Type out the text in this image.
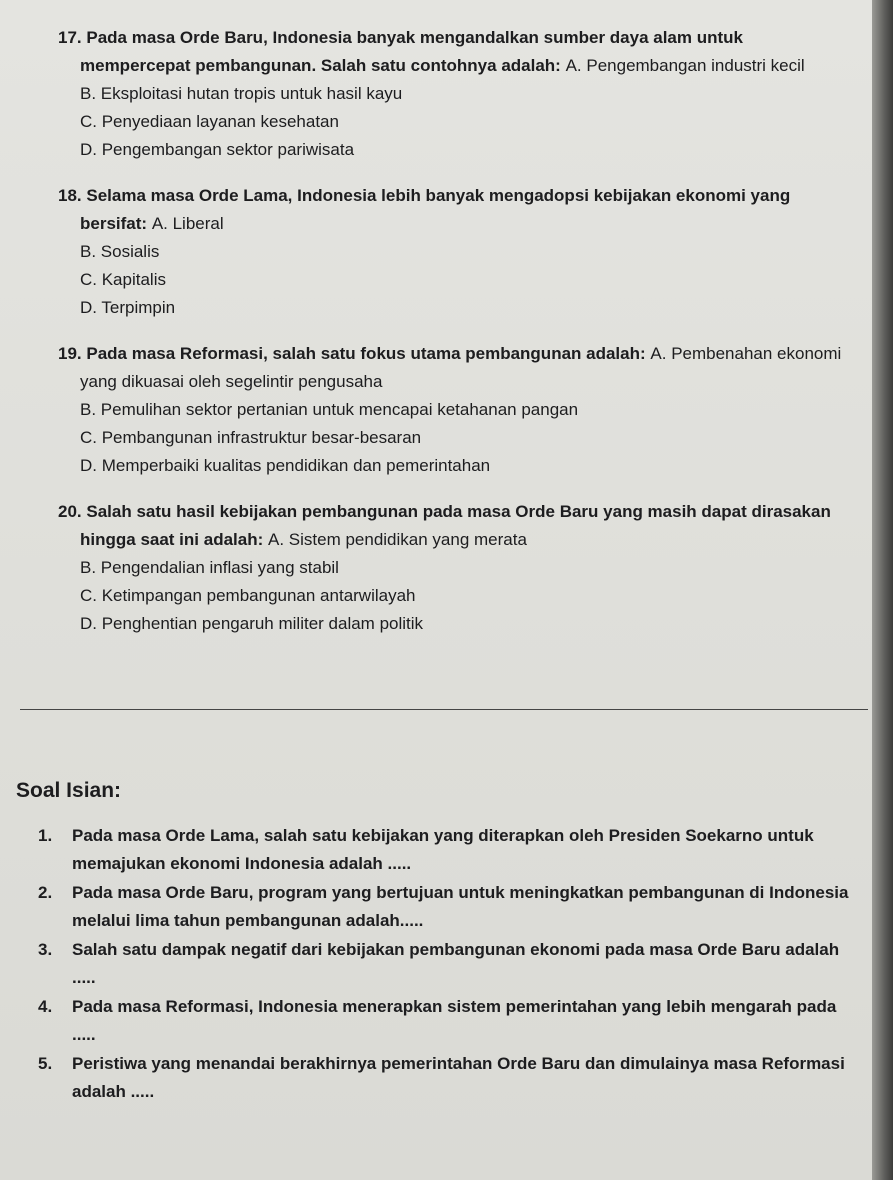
17. Pada masa Orde Baru, Indonesia banyak mengandalkan sumber daya alam untuk mempercepat pembangunan. Salah satu contohnya adalah: A. Pengembangan industri kecil

B. Eksploitasi hutan tropis untuk hasil kayu

C. Penyediaan layanan kesehatan

D. Pengembangan sektor pariwisata

18. Selama masa Orde Lama, Indonesia lebih banyak mengadopsi kebijakan ekonomi yang bersifat: A. Liberal

B. Sosialis

C. Kapitalis

D. Terpimpin

19. Pada masa Reformasi, salah satu fokus utama pembangunan adalah: A. Pembenahan ekonomi yang dikuasai oleh segelintir pengusaha

B. Pemulihan sektor pertanian untuk mencapai ketahanan pangan

C. Pembangunan infrastruktur besar-besaran

D. Memperbaiki kualitas pendidikan dan pemerintahan

20. Salah satu hasil kebijakan pembangunan pada masa Orde Baru yang masih dapat dirasakan hingga saat ini adalah: A. Sistem pendidikan yang merata

B. Pengendalian inflasi yang stabil

C. Ketimpangan pembangunan antarwilayah

D. Penghentian pengaruh militer dalam politik

Soal Isian:
1. Pada masa Orde Lama, salah satu kebijakan yang diterapkan oleh Presiden Soekarno untuk memajukan ekonomi Indonesia adalah .....
2. Pada masa Orde Baru, program yang bertujuan untuk meningkatkan pembangunan di Indonesia melalui lima tahun pembangunan adalah.....
3. Salah satu dampak negatif dari kebijakan pembangunan ekonomi pada masa Orde Baru adalah .....
4. Pada masa Reformasi, Indonesia menerapkan sistem pemerintahan yang lebih mengarah pada .....
5. Peristiwa yang menandai berakhirnya pemerintahan Orde Baru dan dimulainya masa Reformasi adalah .....
